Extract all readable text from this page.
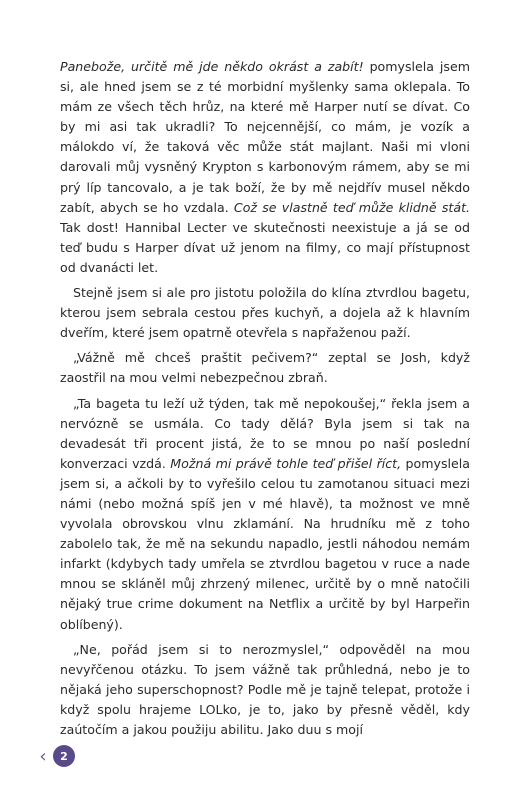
Panebože, určitě mě jde někdo okrást a zabít! pomyslela jsem si, ale hned jsem se z té morbidní myšlenky sama oklepala. To mám ze všech těch hrůz, na které mě Harper nutí se dívat. Co by mi asi tak ukradli? To nejcennější, co mám, je vozík a málokdo ví, že taková věc může stát majlant. Naši mi vloni darovali můj vysněný Krypton s karbonovým rámem, aby se mi prý líp tancovalo, a je tak boží, že by mě nejdřív musel někdo zabít, abych se ho vzdala. Což se vlastně teď může klidně stát. Tak dost! Hannibal Lecter ve skutečnosti neexistuje a já se od teď budu s Harper dívat už jenom na filmy, co mají přístupnost od dvanácti let.

Stejně jsem si ale pro jistotu položila do klína ztvrdlou bagetu, kterou jsem sebrala cestou přes kuchyň, a dojela až k hlavním dveřím, které jsem opatrně otevřela s napřaženou paží.

„Vážně mě chceš praštit pečivem?“ zeptal se Josh, když zaostřil na mou velmi nebezpečnou zbraň.

„Ta bageta tu leží už týden, tak mě nepokoušej,“ řekla jsem a nervózně se usmála. Co tady dělá? Byla jsem si tak na devadesát tři procent jistá, že to se mnou po naší poslední konverzaci vzdá. Možná mi právě tohle teď přišel říct, pomyslela jsem si, a ačkoli by to vyřešilo celou tu zamotanou situaci mezi námi (nebo možná spíš jen v mé hlavě), ta možnost ve mně vyvolala obrovskou vlnu zklamání. Na hrudníku mě z toho zabolelo tak, že mě na sekundu napadlo, jestli náhodou nemám infarkt (kdybych tady umřela se ztvrdlou bagetou v ruce a nade mnou se skláněl můj zhrzený milenec, určitě by o mně natočili nějaký true crime dokument na Netflix a určitě by byl Harpeřin oblíbený).

„Ne, pořád jsem si to nerozmyslel,“ odpověděl na mou nevyřčenou otázku. To jsem vážně tak průhledná, nebo je to nějaká jeho superschopnost? Podle mě je tajně telepat, protože i když spolu hrajeme LOLko, je to, jako by přesně věděl, kdy zaútočím a jakou použiju abilitu. Jako duu s mojí

‹	2
